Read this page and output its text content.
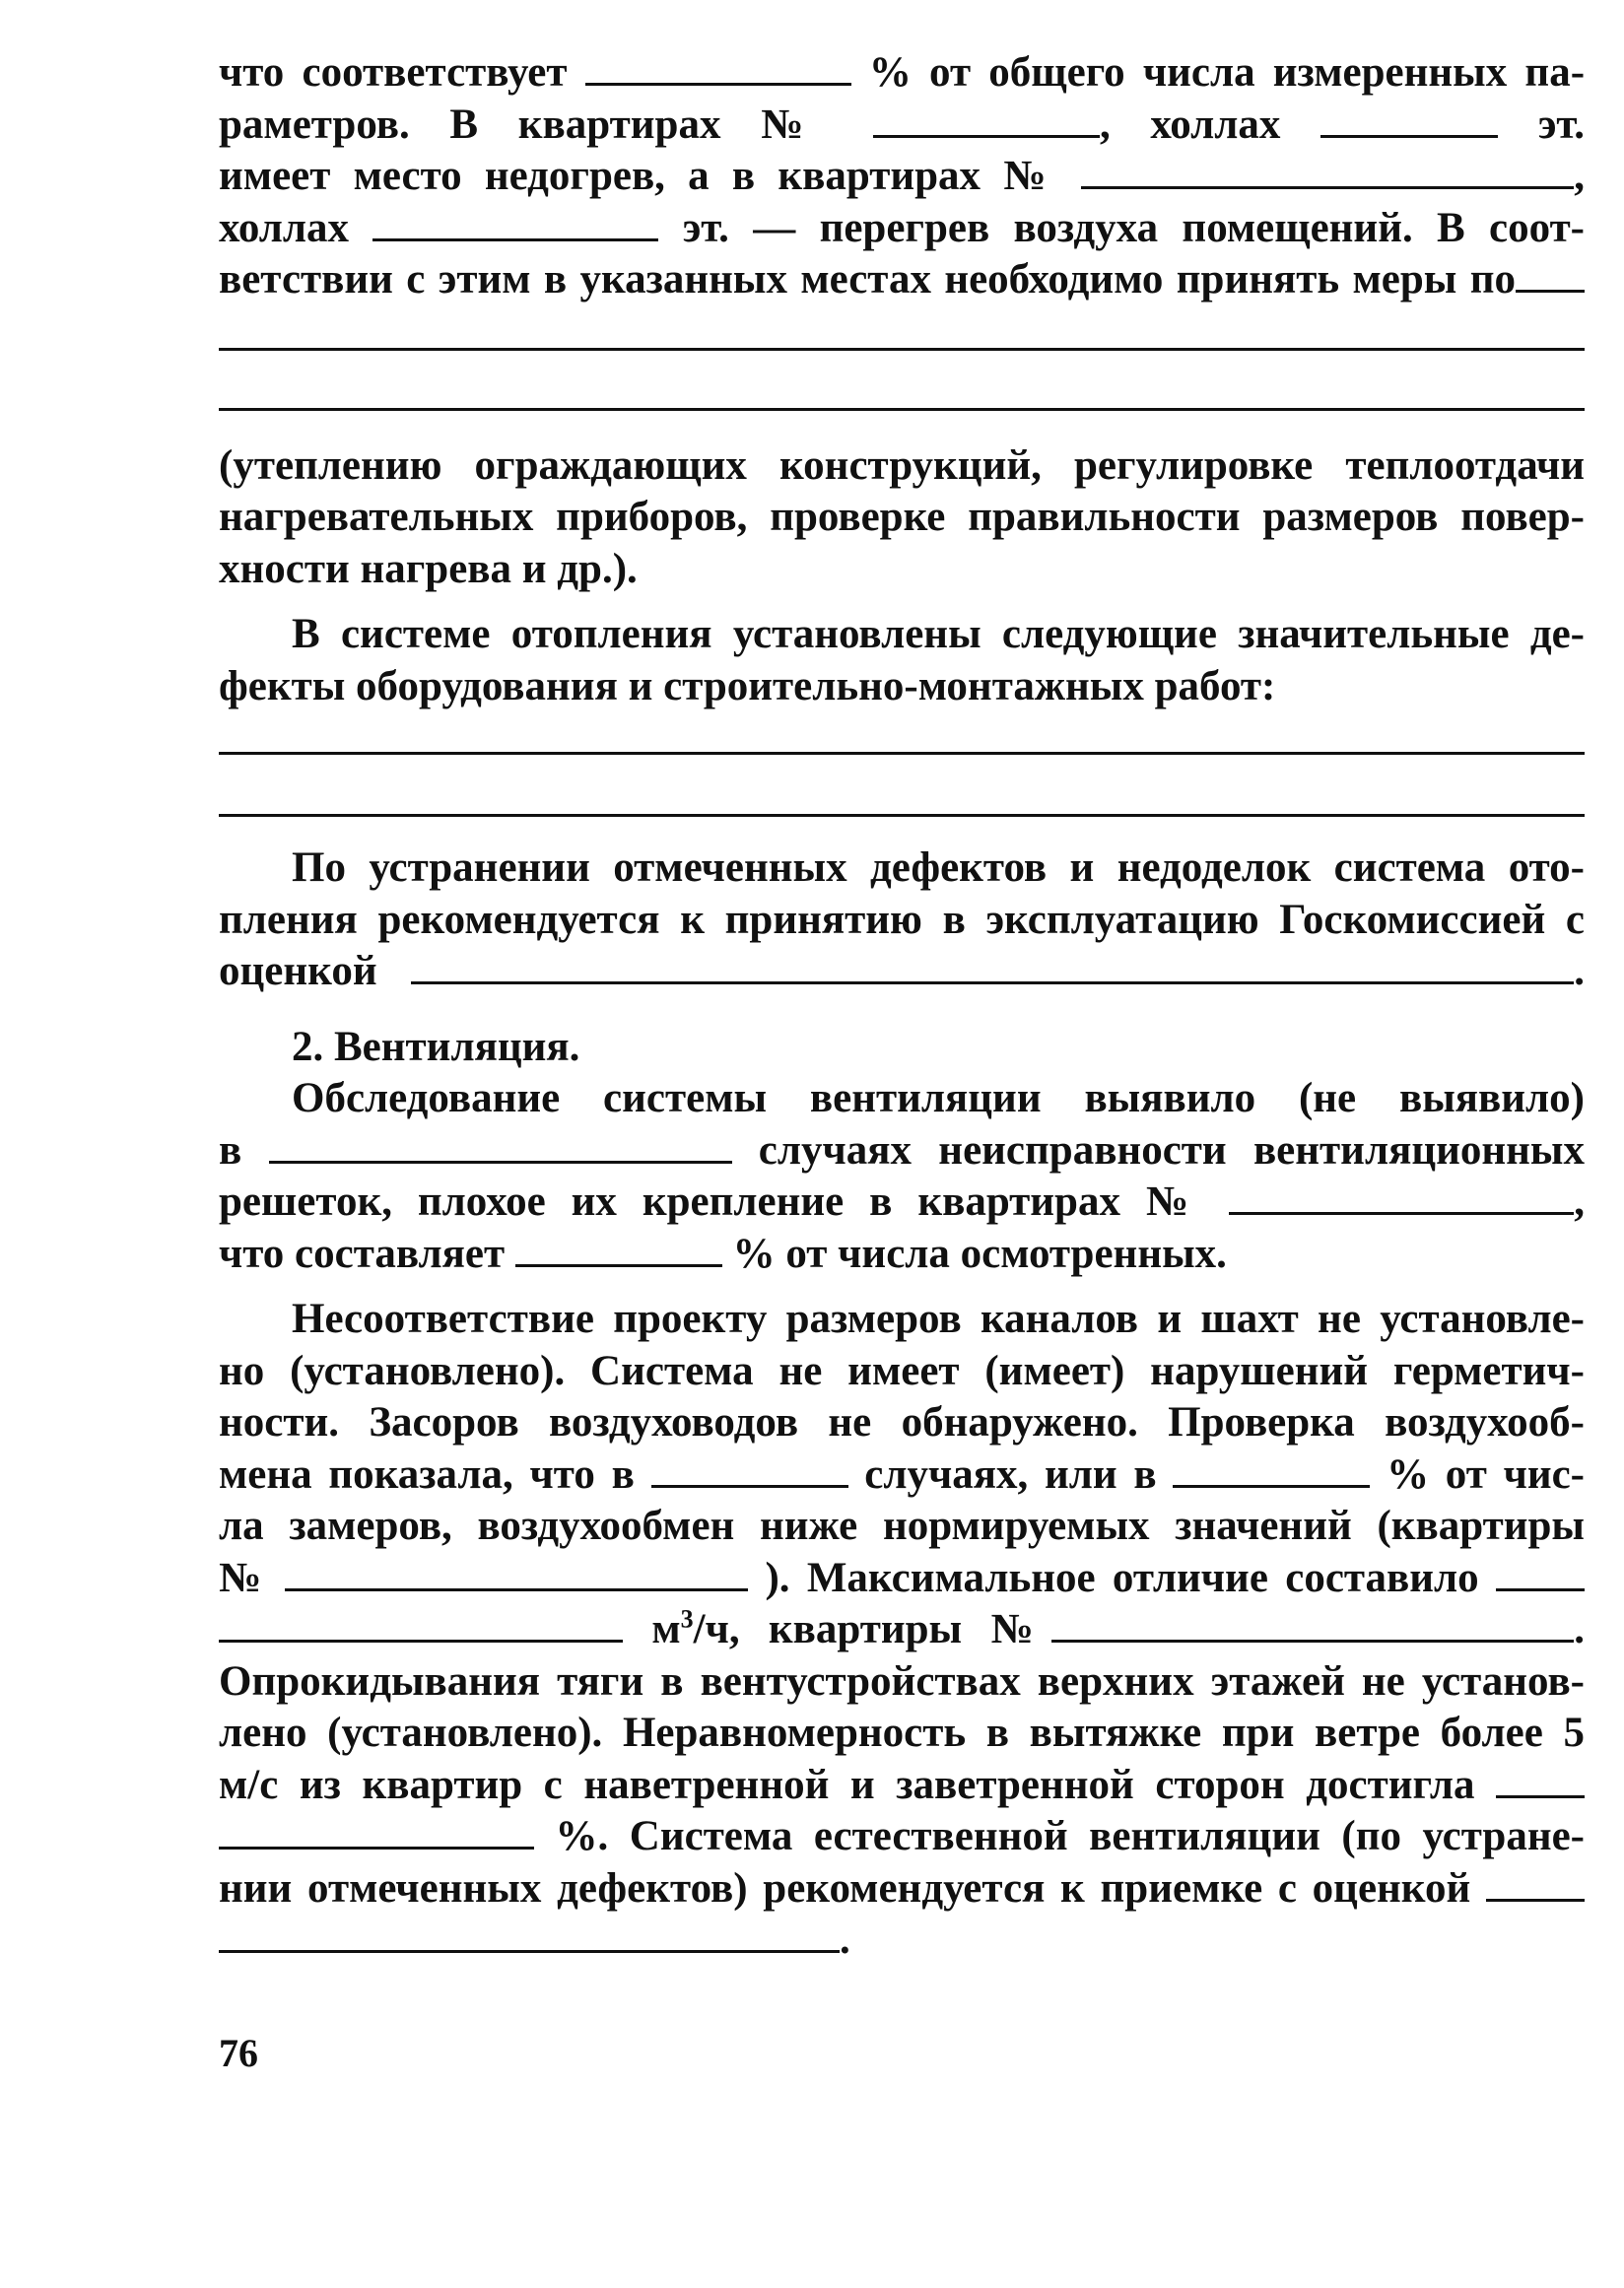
что соответствует	% от общего числа измеренных па-

раметров. В квартирах №	, холлах	эт.

имеет место недогрев, а в квартирах №	,

холлах	эт. — перегрев воздуха помещений. В соот-

ветствии с этим в указанных местах необходимо принять меры по

(утеплению ограждающих конструкций, регулировке теплоотдачи

нагревательных приборов, проверке правильности размеров повер-

хности нагрева и др.).

В системе отопления установлены следующие значительные де-

фекты оборудования и строительно-монтажных работ:

По устранении отмеченных дефектов и недоделок система ото-

пления рекомендуется к принятию в эксплуатацию Госкомиссией с

оценкой	.

2. Вентиляция.

Обследование системы вентиляции выявило (не выявило)

в	случаях неисправности вентиляционных

решеток, плохое их крепление в квартирах №	,

что составляет	% от числа осмотренных.

Несоответствие проекту размеров каналов и шахт не установле-

но (установлено). Система не имеет (имеет) нарушений герметич-

ности. Засоров воздуховодов не обнаружено. Проверка воздухооб-

мена показала, что в	случаях, или в	% от чис-

ла замеров, воздухообмен ниже нормируемых значений (квартиры

№	). Максимальное отличие составило

$м^3/ч$, квартиры №	.

Опрокидывания тяги в вентустройствах верхних этажей не установ-

лено (установлено). Неравномерность в вытяжке при ветре более 5

м/с из квартир с наветренной и заветренной сторон достигла

%. Система естественной вентиляции (по устране-

нии отмеченных дефектов) рекомендуется к приемке с оценкой

.

76
